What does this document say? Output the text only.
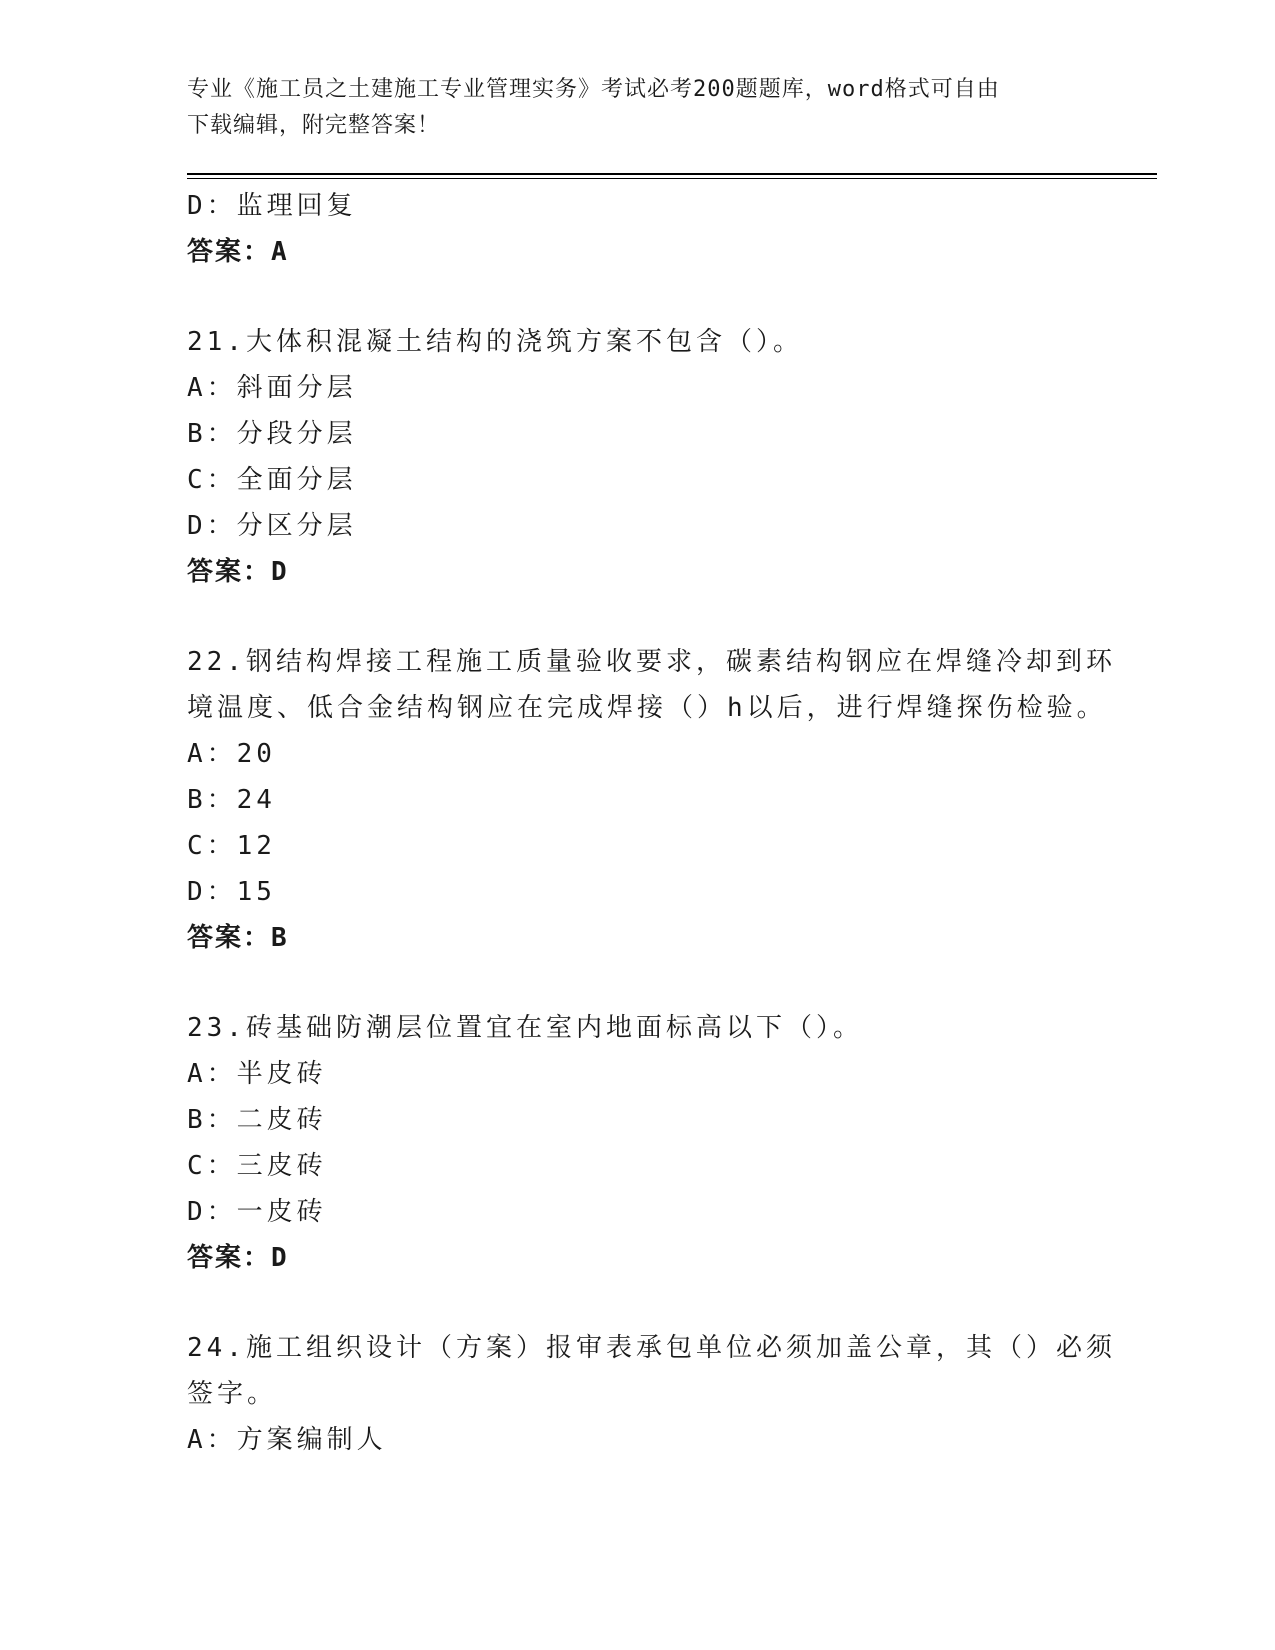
专业《施工员之土建施工专业管理实务》考试必考200题题库，word格式可自由

下载编辑，附完整答案！

D：监理回复
答案：A
21.大体积混凝土结构的浇筑方案不包含（）。
A：斜面分层
B：分段分层
C：全面分层
D：分区分层
答案：D
22.钢结构焊接工程施工质量验收要求，碳素结构钢应在焊缝冷却到环
境温度、低合金结构钢应在完成焊接（）h以后，进行焊缝探伤检验。
A：20
B：24
C：12
D：15
答案：B
23.砖基础防潮层位置宜在室内地面标高以下（）。
A：半皮砖
B：二皮砖
C：三皮砖
D：一皮砖
答案：D
24.施工组织设计（方案）报审表承包单位必须加盖公章，其（）必须
签字。
A：方案编制人
